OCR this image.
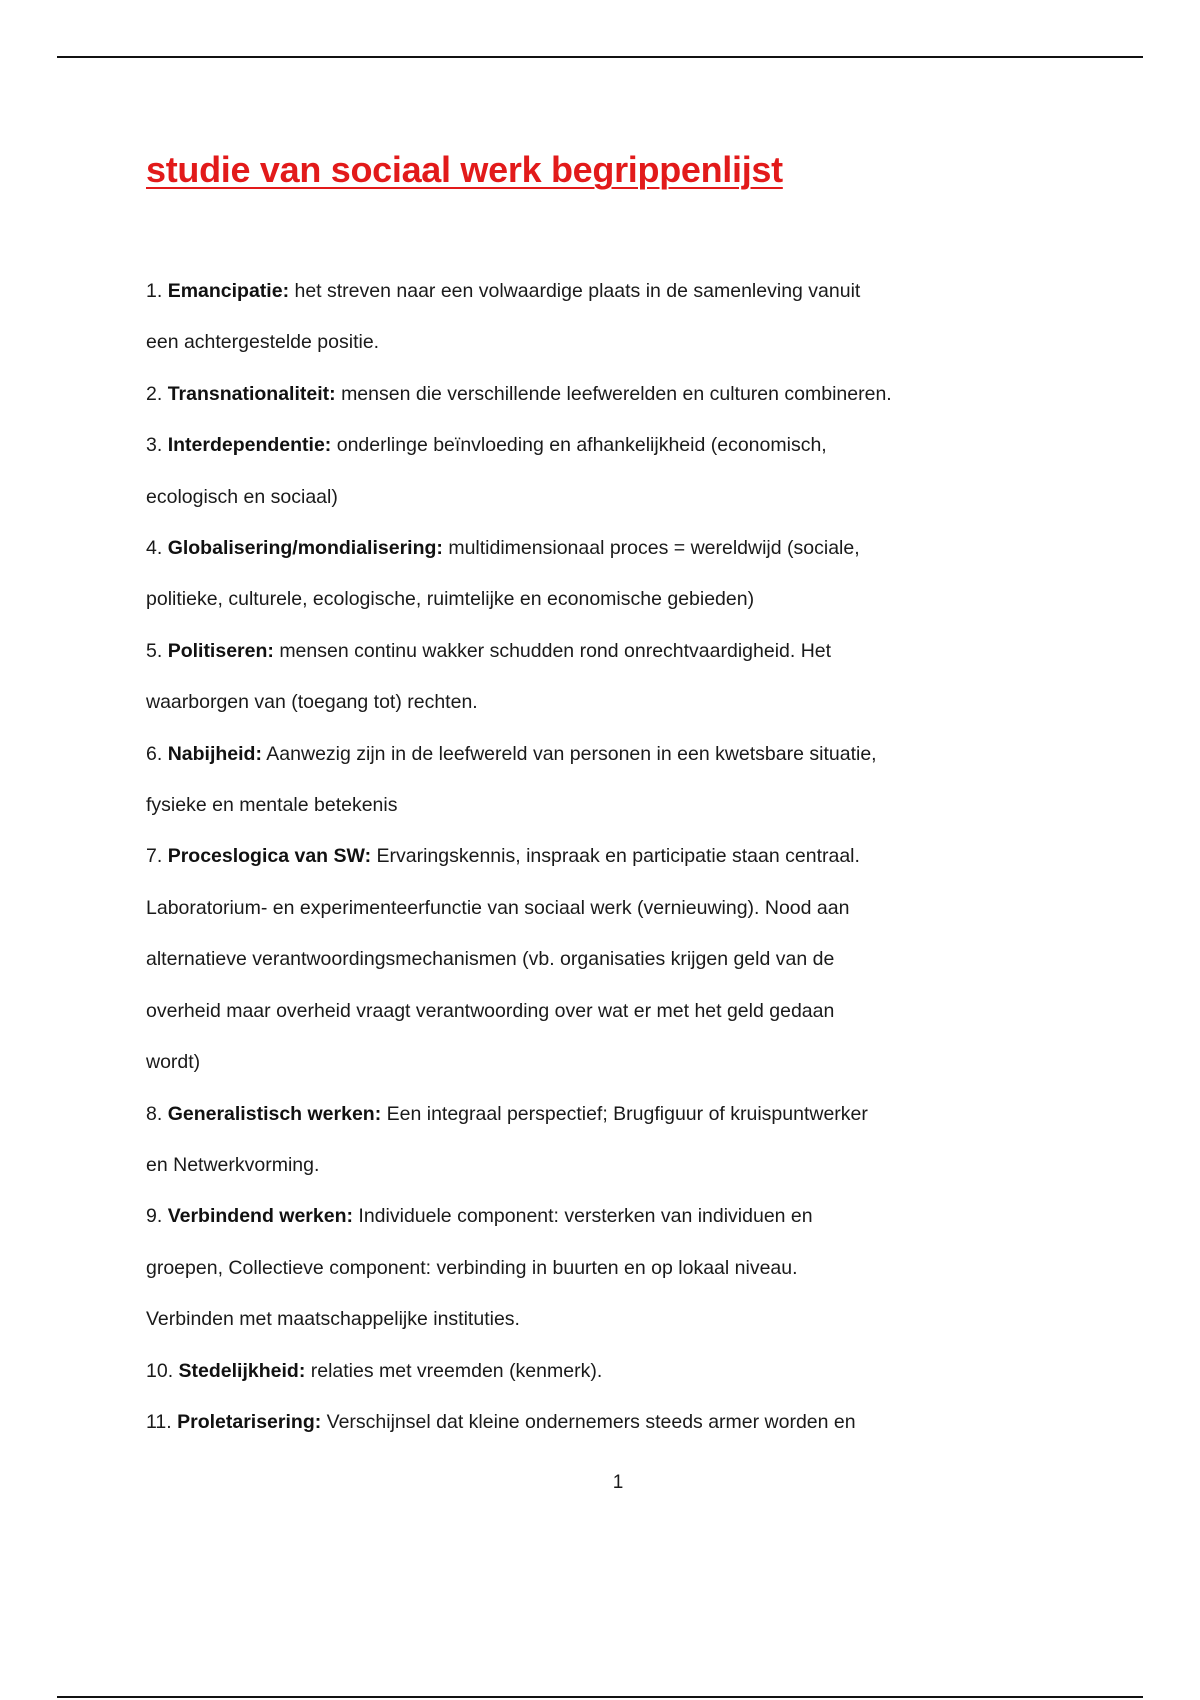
studie van sociaal werk begrippenlijst

1. Emancipatie: het streven naar een volwaardige plaats in de samenleving vanuit

een achtergestelde positie.

2. Transnationaliteit: mensen die verschillende leefwerelden en culturen combineren.

3. Interdependentie: onderlinge beïnvloeding en afhankelijkheid (economisch,

ecologisch en sociaal)

4. Globalisering/mondialisering: multidimensionaal proces = wereldwijd (sociale,

politieke, culturele, ecologische, ruimtelijke en economische gebieden)

5. Politiseren: mensen continu wakker schudden rond onrechtvaardigheid. Het

waarborgen van (toegang tot) rechten.

6. Nabijheid: Aanwezig zijn in de leefwereld van personen in een kwetsbare situatie,

fysieke en mentale betekenis

7. Proceslogica van SW: Ervaringskennis, inspraak en participatie staan centraal.

Laboratorium- en experimenteerfunctie van sociaal werk (vernieuwing). Nood aan

alternatieve verantwoordingsmechanismen (vb. organisaties krijgen geld van de

overheid maar overheid vraagt verantwoording over wat er met het geld gedaan

wordt)

8. Generalistisch werken: Een integraal perspectief; Brugfiguur of kruispuntwerker

en Netwerkvorming.

9. Verbindend werken: Individuele component: versterken van individuen en

groepen, Collectieve component: verbinding in buurten en op lokaal niveau.

Verbinden met maatschappelijke instituties.

10. Stedelijkheid: relaties met vreemden (kenmerk).

11. Proletarisering: Verschijnsel dat kleine ondernemers steeds armer worden en

1
